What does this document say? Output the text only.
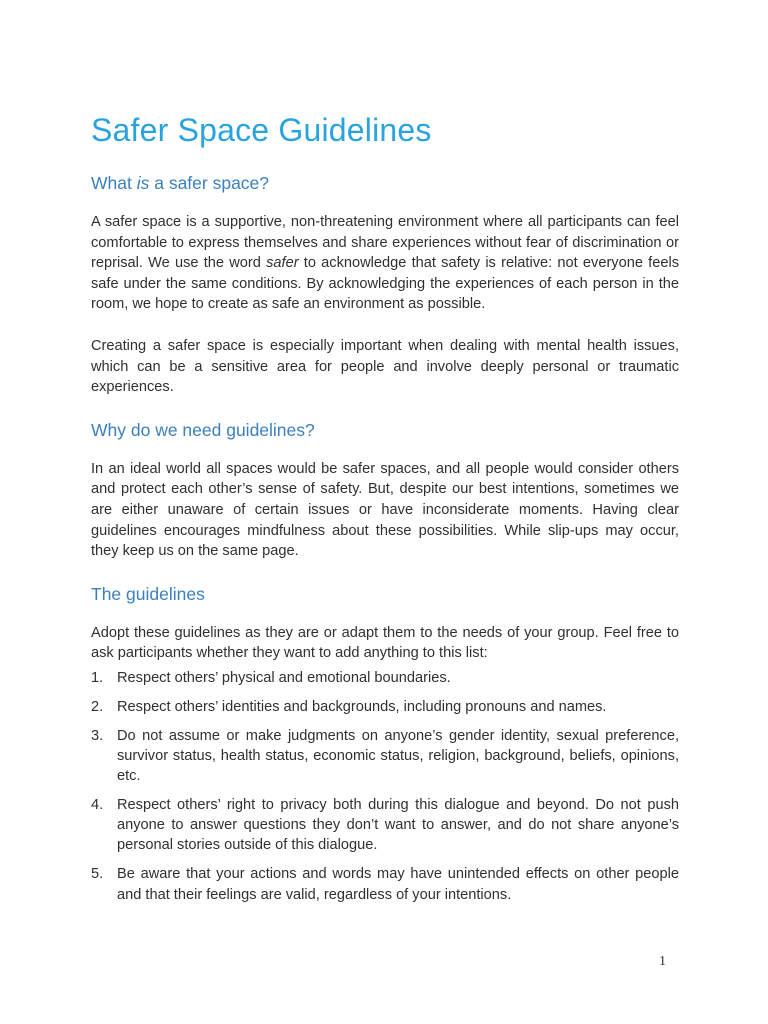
Safer Space Guidelines
What is a safer space?

A safer space is a supportive, non-threatening environment where all participants can feel comfortable to express themselves and share experiences without fear of discrimination or reprisal. We use the word safer to acknowledge that safety is relative: not everyone feels safe under the same conditions. By acknowledging the experiences of each person in the room, we hope to create as safe an environment as possible.

Creating a safer space is especially important when dealing with mental health issues, which can be a sensitive area for people and involve deeply personal or traumatic experiences.

Why do we need guidelines?

In an ideal world all spaces would be safer spaces, and all people would consider others and protect each other’s sense of safety. But, despite our best intentions, sometimes we are either unaware of certain issues or have inconsiderate moments. Having clear guidelines encourages mindfulness about these possibilities. While slip-ups may occur, they keep us on the same page.

The guidelines

Adopt these guidelines as they are or adapt them to the needs of your group. Feel free to ask participants whether they want to add anything to this list:

1. Respect others’ physical and emotional boundaries.
2. Respect others’ identities and backgrounds, including pronouns and names.
3. Do not assume or make judgments on anyone’s gender identity, sexual preference, survivor status, health status, economic status, religion, background, beliefs, opinions, etc.
4. Respect others’ right to privacy both during this dialogue and beyond. Do not push anyone to answer questions they don’t want to answer, and do not share anyone’s personal stories outside of this dialogue.
5. Be aware that your actions and words may have unintended effects on other people and that their feelings are valid, regardless of your intentions.
1
